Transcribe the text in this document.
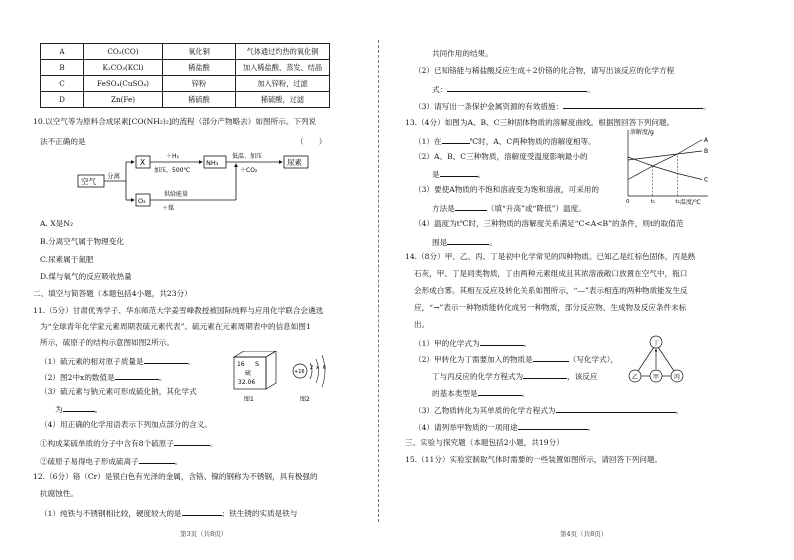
A	CO₂(CO)	氧化铜	气体通过灼热的氧化铜
B	K₂CO₃(KCl)	稀盐酸	加入稀盐酸、蒸发、结晶
C	FeSO₄(CuSO₄)	锌粉	加入锌粉，过滤
D	Zn(Fe)	稀硫酸	稀硫酸，过滤
10.以空气等为原料合成尿素[CO(NH₂)₂]的流程（部分产物略去）如图所示。下列说
法不正确的是	（　　）
空气
分离
X
＋H₂
加压，500℃
NH₃
低温、加压
＋CO₂
尿素
O₂
供给能量
＋煤
A. X是N₂
B.分离空气属于物理变化
C.尿素属于氮肥
D.煤与氧气的反应吸收热量
二、填空与简答题（本题包括4小题，共23分）
11.（5分）甘肃优秀学子、华东师范大学姜雪峰教授被国际纯粹与应用化学联合会遴选
为“全球青年化学家元素周期表硫元素代表”。硫元素在元素周期表中的信息如图1
所示，硫原子的结构示意图如图2所示。
（1）硫元素的相对原子质量是	。
（2）图2中x的数值是	。
（3）硫元素与钠元素可形成硫化钠，其化学式
为	。
16 S
硫
32.06
图1
+16
2 x 6
图2
（4）用正确的化学用语表示下列加点部分的含义。
①构成某硫单质的分子中含有8个硫原子	。
②硫原子易得电子形成硫离子	。
12.（6分）铬（Cr）是银白色有光泽的金属，含铬、镍的钢称为不锈钢，具有极强的
抗腐蚀性。
（1）纯铁与不锈钢相比较，硬度较大的是	；铁生锈的实质是铁与
共同作用的结果。
（2）已知铬能与稀盐酸反应生成＋2价铬的化合物，请写出该反应的化学方程
式：	。
（3）请写出一条保护金属资源的有效措施：	。
13.（4分）如图为A、B、C三种固体物质的溶解度曲线。根据图回答下列问题。
（1）在	℃时，A、C两种物质的溶解度相等。
（2）A、B、C三种物质，溶解度受温度影响最小的
是	。
（3）要使A物质的不饱和溶液变为饱和溶液，可采用的
方法是	（填“升高”或“降低”）温度。
（4）温度为t℃时，三种物质的溶解度关系满足“C<A<B”的条件，则t的取值范
围是	。
溶解度/g
温度/℃
A
B
C
0	t₁	t₂
14.（8分）甲、乙、丙、丁是初中化学常见的四种物质。已知乙是红棕色固体，丙是熟
石灰，甲、丁是同类物质，丁由两种元素组成且其浓溶液敞口放置在空气中，瓶口
会形成白雾。其相互反应及转化关系如图所示，“—”表示相连的两种物质能发生反
应，“→”表示一种物质能转化成另一种物质，部分反应物、生成物及反应条件未标
出。
（1）甲的化学式为	。
（2）甲转化为丁需要加入的物质是	（写化学式），
丁与丙反应的化学方程式为	，该反应
的基本类型是	。
（3）乙物质转化为其单质的化学方程式为	。
（4）请列举甲物质的一项用途	。
丁
乙 甲 丙
三、实验与探究题（本题包括2小题，共19分）
15.（11分）实验室制取气体时需要的一些装置如图所示，请回答下列问题。
第3页（共8页）	第4页（共8页）
